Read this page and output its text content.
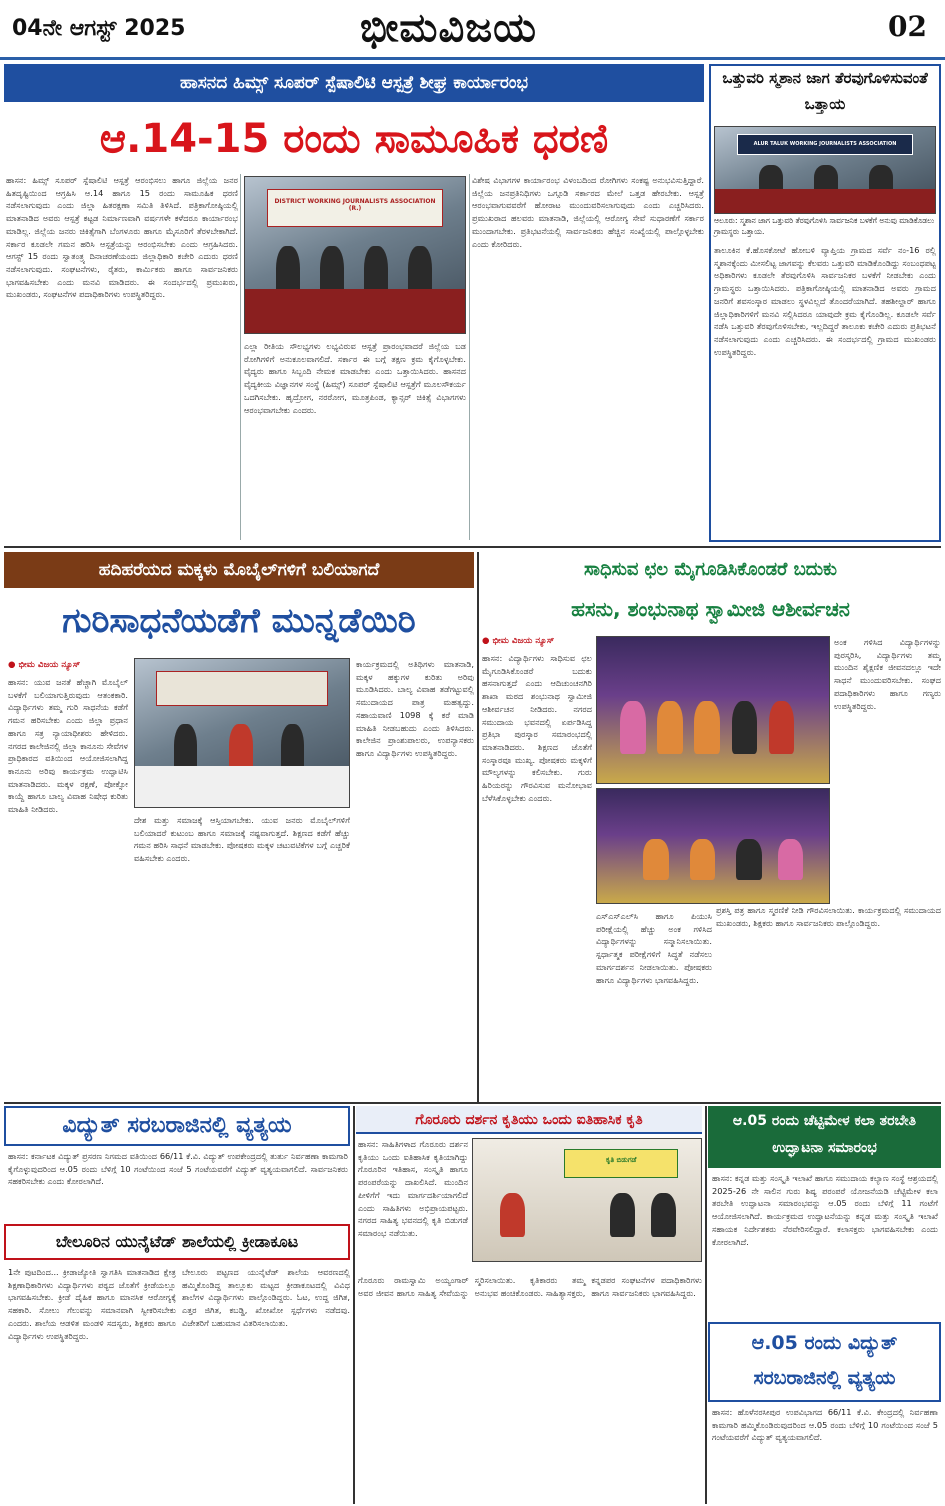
04ನೇ ಆಗಸ್ಟ್ 2025	ಭೀಮವಿಜಯ	02
ಹಾಸನದ ಹಿಮ್ಸ್ ಸೂಪರ್ ಸ್ಪೆಷಾಲಿಟಿ ಆಸ್ಪತ್ರೆ ಶೀಘ್ರ ಕಾರ್ಯಾರಂಭ
ಆ.14-15 ರಂದು ಸಾಮೂಹಿಕ ಧರಣಿ
ಹಾಸನ: ಹಿಮ್ಸ್ ಸೂಪರ್ ಸ್ಪೆಷಾಲಿಟಿ ಆಸ್ಪತ್ರೆ ಆರಂಭಿಸಲು ಹಾಗೂ ಜಿಲ್ಲೆಯ ಜನರ ಹಿತದೃಷ್ಟಿಯಿಂದ ಆಗ್ರಹಿಸಿ ಆ.14 ಹಾಗೂ 15 ರಂದು ಸಾಮೂಹಿಕ ಧರಣಿ ನಡೆಸಲಾಗುವುದು ಎಂದು ಜಿಲ್ಲಾ ಹಿತರಕ್ಷಣಾ ಸಮಿತಿ ತಿಳಿಸಿದೆ. ಪತ್ರಿಕಾಗೋಷ್ಠಿಯಲ್ಲಿ ಮಾತನಾಡಿದ ಅವರು ಆಸ್ಪತ್ರೆ ಕಟ್ಟಡ ನಿರ್ಮಾಣವಾಗಿ ವರ್ಷಗಳೇ ಕಳೆದರೂ ಕಾರ್ಯಾರಂಭ ಮಾಡಿಲ್ಲ. ಜಿಲ್ಲೆಯ ಜನರು ಚಿಕಿತ್ಸೆಗಾಗಿ ಬೆಂಗಳೂರು ಹಾಗೂ ಮೈಸೂರಿಗೆ ತೆರಳಬೇಕಾಗಿದೆ. ಸರ್ಕಾರ ಕೂಡಲೇ ಗಮನ ಹರಿಸಿ ಆಸ್ಪತ್ರೆಯನ್ನು ಆರಂಭಿಸಬೇಕು ಎಂದು ಆಗ್ರಹಿಸಿದರು. ಆಗಸ್ಟ್ 15 ರಂದು ಸ್ವಾತಂತ್ರ್ಯ ದಿನಾಚರಣೆಯಂದು ಜಿಲ್ಲಾಧಿಕಾರಿ ಕಚೇರಿ ಎದುರು ಧರಣಿ ನಡೆಸಲಾಗುವುದು. ಸಂಘಟನೆಗಳು, ರೈತರು, ಕಾರ್ಮಿಕರು ಹಾಗೂ ಸಾರ್ವಜನಿಕರು ಭಾಗವಹಿಸಬೇಕು ಎಂದು ಮನವಿ ಮಾಡಿದರು. ಈ ಸಂದರ್ಭದಲ್ಲಿ ಪ್ರಮುಖರು, ಮುಖಂಡರು, ಸಂಘಟನೆಗಳ ಪದಾಧಿಕಾರಿಗಳು ಉಪಸ್ಥಿತರಿದ್ದರು.
DISTRICT WORKING JOURNALISTS ASSOCIATION (R.)
ಎಲ್ಲಾ ರೀತಿಯ ಸೌಲಭ್ಯಗಳು ಲಭ್ಯವಿರುವ ಆಸ್ಪತ್ರೆ ಪ್ರಾರಂಭವಾದರೆ ಜಿಲ್ಲೆಯ ಬಡ ರೋಗಿಗಳಿಗೆ ಅನುಕೂಲವಾಗಲಿದೆ. ಸರ್ಕಾರ ಈ ಬಗ್ಗೆ ತಕ್ಷಣ ಕ್ರಮ ಕೈಗೊಳ್ಳಬೇಕು. ವೈದ್ಯರು ಹಾಗೂ ಸಿಬ್ಬಂದಿ ನೇಮಕ ಮಾಡಬೇಕು ಎಂದು ಒತ್ತಾಯಿಸಿದರು. ಹಾಸನದ ವೈದ್ಯಕೀಯ ವಿಜ್ಞಾನಗಳ ಸಂಸ್ಥೆ (ಹಿಮ್ಸ್) ಸೂಪರ್ ಸ್ಪೆಷಾಲಿಟಿ ಆಸ್ಪತ್ರೆಗೆ ಮೂಲಸೌಕರ್ಯ ಒದಗಿಸಬೇಕು. ಹೃದ್ರೋಗ, ನರರೋಗ, ಮೂತ್ರಪಿಂಡ, ಕ್ಯಾನ್ಸರ್ ಚಿಕಿತ್ಸೆ ವಿಭಾಗಗಳು ಆರಂಭವಾಗಬೇಕು ಎಂದರು.
ವಿಶೇಷ ವಿಭಾಗಗಳ ಕಾರ್ಯಾರಂಭ ವಿಳಂಬದಿಂದ ರೋಗಿಗಳು ಸಂಕಷ್ಟ ಅನುಭವಿಸುತ್ತಿದ್ದಾರೆ. ಜಿಲ್ಲೆಯ ಜನಪ್ರತಿನಿಧಿಗಳು ಒಗ್ಗೂಡಿ ಸರ್ಕಾರದ ಮೇಲೆ ಒತ್ತಡ ಹೇರಬೇಕು. ಆಸ್ಪತ್ರೆ ಆರಂಭವಾಗುವವರೆಗೆ ಹೋರಾಟ ಮುಂದುವರಿಸಲಾಗುವುದು ಎಂದು ಎಚ್ಚರಿಸಿದರು. ಪ್ರಮುಖರಾದ ಹಲವರು ಮಾತನಾಡಿ, ಜಿಲ್ಲೆಯಲ್ಲಿ ಆರೋಗ್ಯ ಸೇವೆ ಸುಧಾರಣೆಗೆ ಸರ್ಕಾರ ಮುಂದಾಗಬೇಕು. ಪ್ರತಿಭಟನೆಯಲ್ಲಿ ಸಾರ್ವಜನಿಕರು ಹೆಚ್ಚಿನ ಸಂಖ್ಯೆಯಲ್ಲಿ ಪಾಲ್ಗೊಳ್ಳಬೇಕು ಎಂದು ಕೋರಿದರು.
ಒತ್ತುವರಿ ಸ್ಮಶಾನ ಜಾಗ ತೆರವುಗೊಳಿಸುವಂತೆ ಒತ್ತಾಯ
ALUR TALUK WORKING JOURNALISTS ASSOCIATION
ಆಲೂರು: ಸ್ಮಶಾನ ಜಾಗ ಒತ್ತುವರಿ ತೆರವುಗೊಳಿಸಿ ಸಾರ್ವಜನಿಕ ಬಳಕೆಗೆ ಅನುವು ಮಾಡಿಕೊಡಲು ಗ್ರಾಮಸ್ಥರು ಒತ್ತಾಯ.
ತಾಲೂಕಿನ ಕೆ.ಹೊಸಕೋಟೆ ಹೋಬಳಿ ವ್ಯಾಪ್ತಿಯ ಗ್ರಾಮದ ಸರ್ವೆ ನಂ-16 ರಲ್ಲಿ ಸ್ಮಶಾನಕ್ಕೆಂದು ಮೀಸಲಿಟ್ಟ ಜಾಗವನ್ನು ಕೆಲವರು ಒತ್ತುವರಿ ಮಾಡಿಕೊಂಡಿದ್ದು ಸಂಬಂಧಪಟ್ಟ ಅಧಿಕಾರಿಗಳು ಕೂಡಲೇ ತೆರವುಗೊಳಿಸಿ ಸಾರ್ವಜನಿಕರ ಬಳಕೆಗೆ ನೀಡಬೇಕು ಎಂದು ಗ್ರಾಮಸ್ಥರು ಒತ್ತಾಯಿಸಿದರು. ಪತ್ರಿಕಾಗೋಷ್ಠಿಯಲ್ಲಿ ಮಾತನಾಡಿದ ಅವರು ಗ್ರಾಮದ ಜನರಿಗೆ ಶವಸಂಸ್ಕಾರ ಮಾಡಲು ಸ್ಥಳವಿಲ್ಲದೆ ತೊಂದರೆಯಾಗಿದೆ. ತಹಶೀಲ್ದಾರ್ ಹಾಗೂ ಜಿಲ್ಲಾಧಿಕಾರಿಗಳಿಗೆ ಮನವಿ ಸಲ್ಲಿಸಿದರೂ ಯಾವುದೇ ಕ್ರಮ ಕೈಗೊಂಡಿಲ್ಲ. ಕೂಡಲೇ ಸರ್ವೆ ನಡೆಸಿ ಒತ್ತುವರಿ ತೆರವುಗೊಳಿಸಬೇಕು, ಇಲ್ಲದಿದ್ದರೆ ತಾಲೂಕು ಕಚೇರಿ ಎದುರು ಪ್ರತಿಭಟನೆ ನಡೆಸಲಾಗುವುದು ಎಂದು ಎಚ್ಚರಿಸಿದರು. ಈ ಸಂದರ್ಭದಲ್ಲಿ ಗ್ರಾಮದ ಮುಖಂಡರು ಉಪಸ್ಥಿತರಿದ್ದರು.
ಹದಿಹರೆಯದ ಮಕ್ಕಳು ಮೊಬೈಲ್‌ಗಳಿಗೆ ಬಲಿಯಾಗದೆ
ಗುರಿಸಾಧನೆಯಡೆಗೆ ಮುನ್ನಡೆಯಿರಿ
● ಭೀಮ ವಿಜಯ ನ್ಯೂಸ್
ಹಾಸನ: ಯುವ ಜನತೆ ಹೆಚ್ಚಾಗಿ ಮೊಬೈಲ್ ಬಳಕೆಗೆ ಬಲಿಯಾಗುತ್ತಿರುವುದು ಆತಂಕಕಾರಿ. ವಿದ್ಯಾರ್ಥಿಗಳು ತಮ್ಮ ಗುರಿ ಸಾಧನೆಯ ಕಡೆಗೆ ಗಮನ ಹರಿಸಬೇಕು ಎಂದು ಜಿಲ್ಲಾ ಪ್ರಧಾನ ಹಾಗೂ ಸತ್ರ ನ್ಯಾಯಾಧೀಶರು ಹೇಳಿದರು. ನಗರದ ಕಾಲೇಜಿನಲ್ಲಿ ಜಿಲ್ಲಾ ಕಾನೂನು ಸೇವೆಗಳ ಪ್ರಾಧಿಕಾರದ ವತಿಯಿಂದ ಆಯೋಜಿಸಲಾಗಿದ್ದ ಕಾನೂನು ಅರಿವು ಕಾರ್ಯಕ್ರಮ ಉದ್ಘಾಟಿಸಿ ಮಾತನಾಡಿದರು. ಮಕ್ಕಳ ರಕ್ಷಣೆ, ಪೋಕ್ಸೋ ಕಾಯ್ದೆ ಹಾಗೂ ಬಾಲ್ಯ ವಿವಾಹ ನಿಷೇಧ ಕುರಿತು ಮಾಹಿತಿ ನೀಡಿದರು.
ದೇಶ ಮತ್ತು ಸಮಾಜಕ್ಕೆ ಆಸ್ತಿಯಾಗಬೇಕು. ಯುವ ಜನರು ಮೊಬೈಲ್‌ಗಳಿಗೆ ಬಲಿಯಾದರೆ ಕುಟುಂಬ ಹಾಗೂ ಸಮಾಜಕ್ಕೆ ನಷ್ಟವಾಗುತ್ತದೆ. ಶಿಕ್ಷಣದ ಕಡೆಗೆ ಹೆಚ್ಚು ಗಮನ ಹರಿಸಿ ಸಾಧನೆ ಮಾಡಬೇಕು. ಪೋಷಕರು ಮಕ್ಕಳ ಚಟುವಟಿಕೆಗಳ ಬಗ್ಗೆ ಎಚ್ಚರಿಕೆ ವಹಿಸಬೇಕು ಎಂದರು.
ಕಾರ್ಯಕ್ರಮದಲ್ಲಿ ಅತಿಥಿಗಳು ಮಾತನಾಡಿ, ಮಕ್ಕಳ ಹಕ್ಕುಗಳ ಕುರಿತು ಅರಿವು ಮೂಡಿಸಿದರು. ಬಾಲ್ಯ ವಿವಾಹ ತಡೆಗಟ್ಟುವಲ್ಲಿ ಸಮುದಾಯದ ಪಾತ್ರ ಮಹತ್ವದ್ದು. ಸಹಾಯವಾಣಿ 1098 ಕ್ಕೆ ಕರೆ ಮಾಡಿ ಮಾಹಿತಿ ನೀಡಬಹುದು ಎಂದು ತಿಳಿಸಿದರು. ಕಾಲೇಜಿನ ಪ್ರಾಂಶುಪಾಲರು, ಉಪನ್ಯಾಸಕರು ಹಾಗೂ ವಿದ್ಯಾರ್ಥಿಗಳು ಉಪಸ್ಥಿತರಿದ್ದರು.
ಸಾಧಿಸುವ ಛಲ ಮೈಗೂಡಿಸಿಕೊಂಡರೆ ಬದುಕು
ಹಸನು, ಶಂಭುನಾಥ ಸ್ವಾಮೀಜಿ ಆಶೀರ್ವಚನ
● ಭೀಮ ವಿಜಯ ನ್ಯೂಸ್
ಹಾಸನ: ವಿದ್ಯಾರ್ಥಿಗಳು ಸಾಧಿಸುವ ಛಲ ಮೈಗೂಡಿಸಿಕೊಂಡರೆ ಬದುಕು ಹಸನಾಗುತ್ತದೆ ಎಂದು ಆದಿಚುಂಚನಗಿರಿ ಶಾಖಾ ಮಠದ ಶಂಭುನಾಥ ಸ್ವಾಮೀಜಿ ಆಶೀರ್ವಚನ ನೀಡಿದರು. ನಗರದ ಸಮುದಾಯ ಭವನದಲ್ಲಿ ಏರ್ಪಡಿಸಿದ್ದ ಪ್ರತಿಭಾ ಪುರಸ್ಕಾರ ಸಮಾರಂಭದಲ್ಲಿ ಮಾತನಾಡಿದರು. ಶಿಕ್ಷಣದ ಜೊತೆಗೆ ಸಂಸ್ಕಾರವೂ ಮುಖ್ಯ. ಪೋಷಕರು ಮಕ್ಕಳಿಗೆ ಮೌಲ್ಯಗಳನ್ನು ಕಲಿಸಬೇಕು. ಗುರು ಹಿರಿಯರನ್ನು ಗೌರವಿಸುವ ಮನೋಭಾವ ಬೆಳೆಸಿಕೊಳ್ಳಬೇಕು ಎಂದರು.
ಅಂಕ ಗಳಿಸಿದ ವಿದ್ಯಾರ್ಥಿಗಳನ್ನು ಪುರಸ್ಕರಿಸಿ, ವಿದ್ಯಾರ್ಥಿಗಳು ತಮ್ಮ ಮುಂದಿನ ಶೈಕ್ಷಣಿಕ ಜೀವನದಲ್ಲೂ ಇದೇ ಸಾಧನೆ ಮುಂದುವರಿಸಬೇಕು. ಸಂಘದ ಪದಾಧಿಕಾರಿಗಳು ಹಾಗೂ ಗಣ್ಯರು ಉಪಸ್ಥಿತರಿದ್ದರು.
ಎಸ್‌ಎಸ್‌ಎಲ್‌ಸಿ ಹಾಗೂ ಪಿಯುಸಿ ಪರೀಕ್ಷೆಯಲ್ಲಿ ಹೆಚ್ಚು ಅಂಕ ಗಳಿಸಿದ ವಿದ್ಯಾರ್ಥಿಗಳನ್ನು ಸನ್ಮಾನಿಸಲಾಯಿತು. ಸ್ಪರ್ಧಾತ್ಮಕ ಪರೀಕ್ಷೆಗಳಿಗೆ ಸಿದ್ಧತೆ ನಡೆಸಲು ಮಾರ್ಗದರ್ಶನ ನೀಡಲಾಯಿತು. ಪೋಷಕರು ಹಾಗೂ ವಿದ್ಯಾರ್ಥಿಗಳು ಭಾಗವಹಿಸಿದ್ದರು.
ಪ್ರಶಸ್ತಿ ಪತ್ರ ಹಾಗೂ ಸ್ಮರಣಿಕೆ ನೀಡಿ ಗೌರವಿಸಲಾಯಿತು. ಕಾರ್ಯಕ್ರಮದಲ್ಲಿ ಸಮುದಾಯದ ಮುಖಂಡರು, ಶಿಕ್ಷಕರು ಹಾಗೂ ಸಾರ್ವಜನಿಕರು ಪಾಲ್ಗೊಂಡಿದ್ದರು.
ವಿದ್ಯುತ್ ಸರಬರಾಜಿನಲ್ಲಿ ವ್ಯತ್ಯಯ
ಹಾಸನ: ಕರ್ನಾಟಕ ವಿದ್ಯುತ್ ಪ್ರಸರಣ ನಿಗಮದ ವತಿಯಿಂದ 66/11 ಕೆ.ವಿ. ವಿದ್ಯುತ್ ಉಪಕೇಂದ್ರದಲ್ಲಿ ತುರ್ತು ನಿರ್ವಹಣಾ ಕಾಮಗಾರಿ ಕೈಗೊಳ್ಳುವುದರಿಂದ ಆ.05 ರಂದು ಬೆಳಿಗ್ಗೆ 10 ಗಂಟೆಯಿಂದ ಸಂಜೆ 5 ಗಂಟೆಯವರೆಗೆ ವಿದ್ಯುತ್ ವ್ಯತ್ಯಯವಾಗಲಿದೆ. ಸಾರ್ವಜನಿಕರು ಸಹಕರಿಸಬೇಕು ಎಂದು ಕೋರಲಾಗಿದೆ.
ಬೇಲೂರಿನ ಯುನೈಟೆಡ್ ಶಾಲೆಯಲ್ಲಿ ಕ್ರೀಡಾಕೂಟ
1ನೇ ಪುಟದಿಂದ... ಕ್ರೀಡಾಜ್ಯೋತಿ ಸ್ವಾಗತಿಸಿ ಮಾತನಾಡಿದ ಕ್ಷೇತ್ರ ಶಿಕ್ಷಣಾಧಿಕಾರಿಗಳು ವಿದ್ಯಾರ್ಥಿಗಳು ಪಠ್ಯದ ಜೊತೆಗೆ ಕ್ರೀಡೆಯಲ್ಲೂ ಭಾಗವಹಿಸಬೇಕು. ಕ್ರೀಡೆ ದೈಹಿಕ ಹಾಗೂ ಮಾನಸಿಕ ಆರೋಗ್ಯಕ್ಕೆ ಸಹಕಾರಿ. ಸೋಲು ಗೆಲುವನ್ನು ಸಮಾನವಾಗಿ ಸ್ವೀಕರಿಸಬೇಕು ಎಂದರು. ಶಾಲೆಯ ಆಡಳಿತ ಮಂಡಳಿ ಸದಸ್ಯರು, ಶಿಕ್ಷಕರು ಹಾಗೂ ವಿದ್ಯಾರ್ಥಿಗಳು ಉಪಸ್ಥಿತರಿದ್ದರು.
ಬೇಲೂರು ಪಟ್ಟಣದ ಯುನೈಟೆಡ್ ಶಾಲೆಯ ಆವರಣದಲ್ಲಿ ಹಮ್ಮಿಕೊಂಡಿದ್ದ ತಾಲ್ಲೂಕು ಮಟ್ಟದ ಕ್ರೀಡಾಕೂಟದಲ್ಲಿ ವಿವಿಧ ಶಾಲೆಗಳ ವಿದ್ಯಾರ್ಥಿಗಳು ಪಾಲ್ಗೊಂಡಿದ್ದರು. ಓಟ, ಉದ್ದ ಜಿಗಿತ, ಎತ್ತರ ಜಿಗಿತ, ಕಬಡ್ಡಿ, ಖೋಖೋ ಸ್ಪರ್ಧೆಗಳು ನಡೆದವು. ವಿಜೇತರಿಗೆ ಬಹುಮಾನ ವಿತರಿಸಲಾಯಿತು.
ಗೊರೂರು ದರ್ಶನ ಕೃತಿಯು ಒಂದು ಐತಿಹಾಸಿಕ ಕೃತಿ
ಹಾಸನ: ಸಾಹಿತಿಗಳಾದ ಗೊರೂರು ದರ್ಶನ ಕೃತಿಯು ಒಂದು ಐತಿಹಾಸಿಕ ಕೃತಿಯಾಗಿದ್ದು ಗೊರೂರಿನ ಇತಿಹಾಸ, ಸಂಸ್ಕೃತಿ ಹಾಗೂ ಪರಂಪರೆಯನ್ನು ದಾಖಲಿಸಿದೆ. ಮುಂದಿನ ಪೀಳಿಗೆಗೆ ಇದು ಮಾರ್ಗದರ್ಶಿಯಾಗಲಿದೆ ಎಂದು ಸಾಹಿತಿಗಳು ಅಭಿಪ್ರಾಯಪಟ್ಟರು. ನಗರದ ಸಾಹಿತ್ಯ ಭವನದಲ್ಲಿ ಕೃತಿ ಬಿಡುಗಡೆ ಸಮಾರಂಭ ನಡೆಯಿತು.
ಕೃತಿ ಬಿಡುಗಡೆ
ಗೊರೂರು ರಾಮಸ್ವಾಮಿ ಅಯ್ಯಂಗಾರ್ ಅವರ ಜೀವನ ಹಾಗೂ ಸಾಹಿತ್ಯ ಸೇವೆಯನ್ನು ಸ್ಮರಿಸಲಾಯಿತು. ಕೃತಿಕಾರರು ತಮ್ಮ ಅನುಭವ ಹಂಚಿಕೊಂಡರು. ಸಾಹಿತ್ಯಾಸಕ್ತರು, ಕನ್ನಡಪರ ಸಂಘಟನೆಗಳ ಪದಾಧಿಕಾರಿಗಳು ಹಾಗೂ ಸಾರ್ವಜನಿಕರು ಭಾಗವಹಿಸಿದ್ದರು.
ಆ.05 ರಂದು ಚೆಟ್ಟಿಮೇಳ ಕಲಾ ತರಬೇತಿ ಉದ್ಘಾಟನಾ ಸಮಾರಂಭ
ಹಾಸನ: ಕನ್ನಡ ಮತ್ತು ಸಂಸ್ಕೃತಿ ಇಲಾಖೆ ಹಾಗೂ ಸಮುದಾಯ ಕಲ್ಯಾಣ ಸಂಸ್ಥೆ ಆಶ್ರಯದಲ್ಲಿ 2025-26 ನೇ ಸಾಲಿನ ಗುರು ಶಿಷ್ಯ ಪರಂಪರೆ ಯೋಜನೆಯಡಿ ಚೆಟ್ಟಿಮೇಳ ಕಲಾ ತರಬೇತಿ ಉದ್ಘಾಟನಾ ಸಮಾರಂಭವನ್ನು ಆ.05 ರಂದು ಬೆಳಿಗ್ಗೆ 11 ಗಂಟೆಗೆ ಆಯೋಜಿಸಲಾಗಿದೆ. ಕಾರ್ಯಕ್ರಮದ ಉದ್ಘಾಟನೆಯನ್ನು ಕನ್ನಡ ಮತ್ತು ಸಂಸ್ಕೃತಿ ಇಲಾಖೆ ಸಹಾಯಕ ನಿರ್ದೇಶಕರು ನೆರವೇರಿಸಲಿದ್ದಾರೆ. ಕಲಾಸಕ್ತರು ಭಾಗವಹಿಸಬೇಕು ಎಂದು ಕೋರಲಾಗಿದೆ.
ಆ.05 ರಂದು ವಿದ್ಯುತ್ ಸರಬರಾಜಿನಲ್ಲಿ ವ್ಯತ್ಯಯ
ಹಾಸನ: ಹೊಳೆನರಸೀಪುರ ಉಪವಿಭಾಗದ 66/11 ಕೆ.ವಿ. ಕೇಂದ್ರದಲ್ಲಿ ನಿರ್ವಹಣಾ ಕಾಮಗಾರಿ ಹಮ್ಮಿಕೊಂಡಿರುವುದರಿಂದ ಆ.05 ರಂದು ಬೆಳಿಗ್ಗೆ 10 ಗಂಟೆಯಿಂದ ಸಂಜೆ 5 ಗಂಟೆಯವರೆಗೆ ವಿದ್ಯುತ್ ವ್ಯತ್ಯಯವಾಗಲಿದೆ.
